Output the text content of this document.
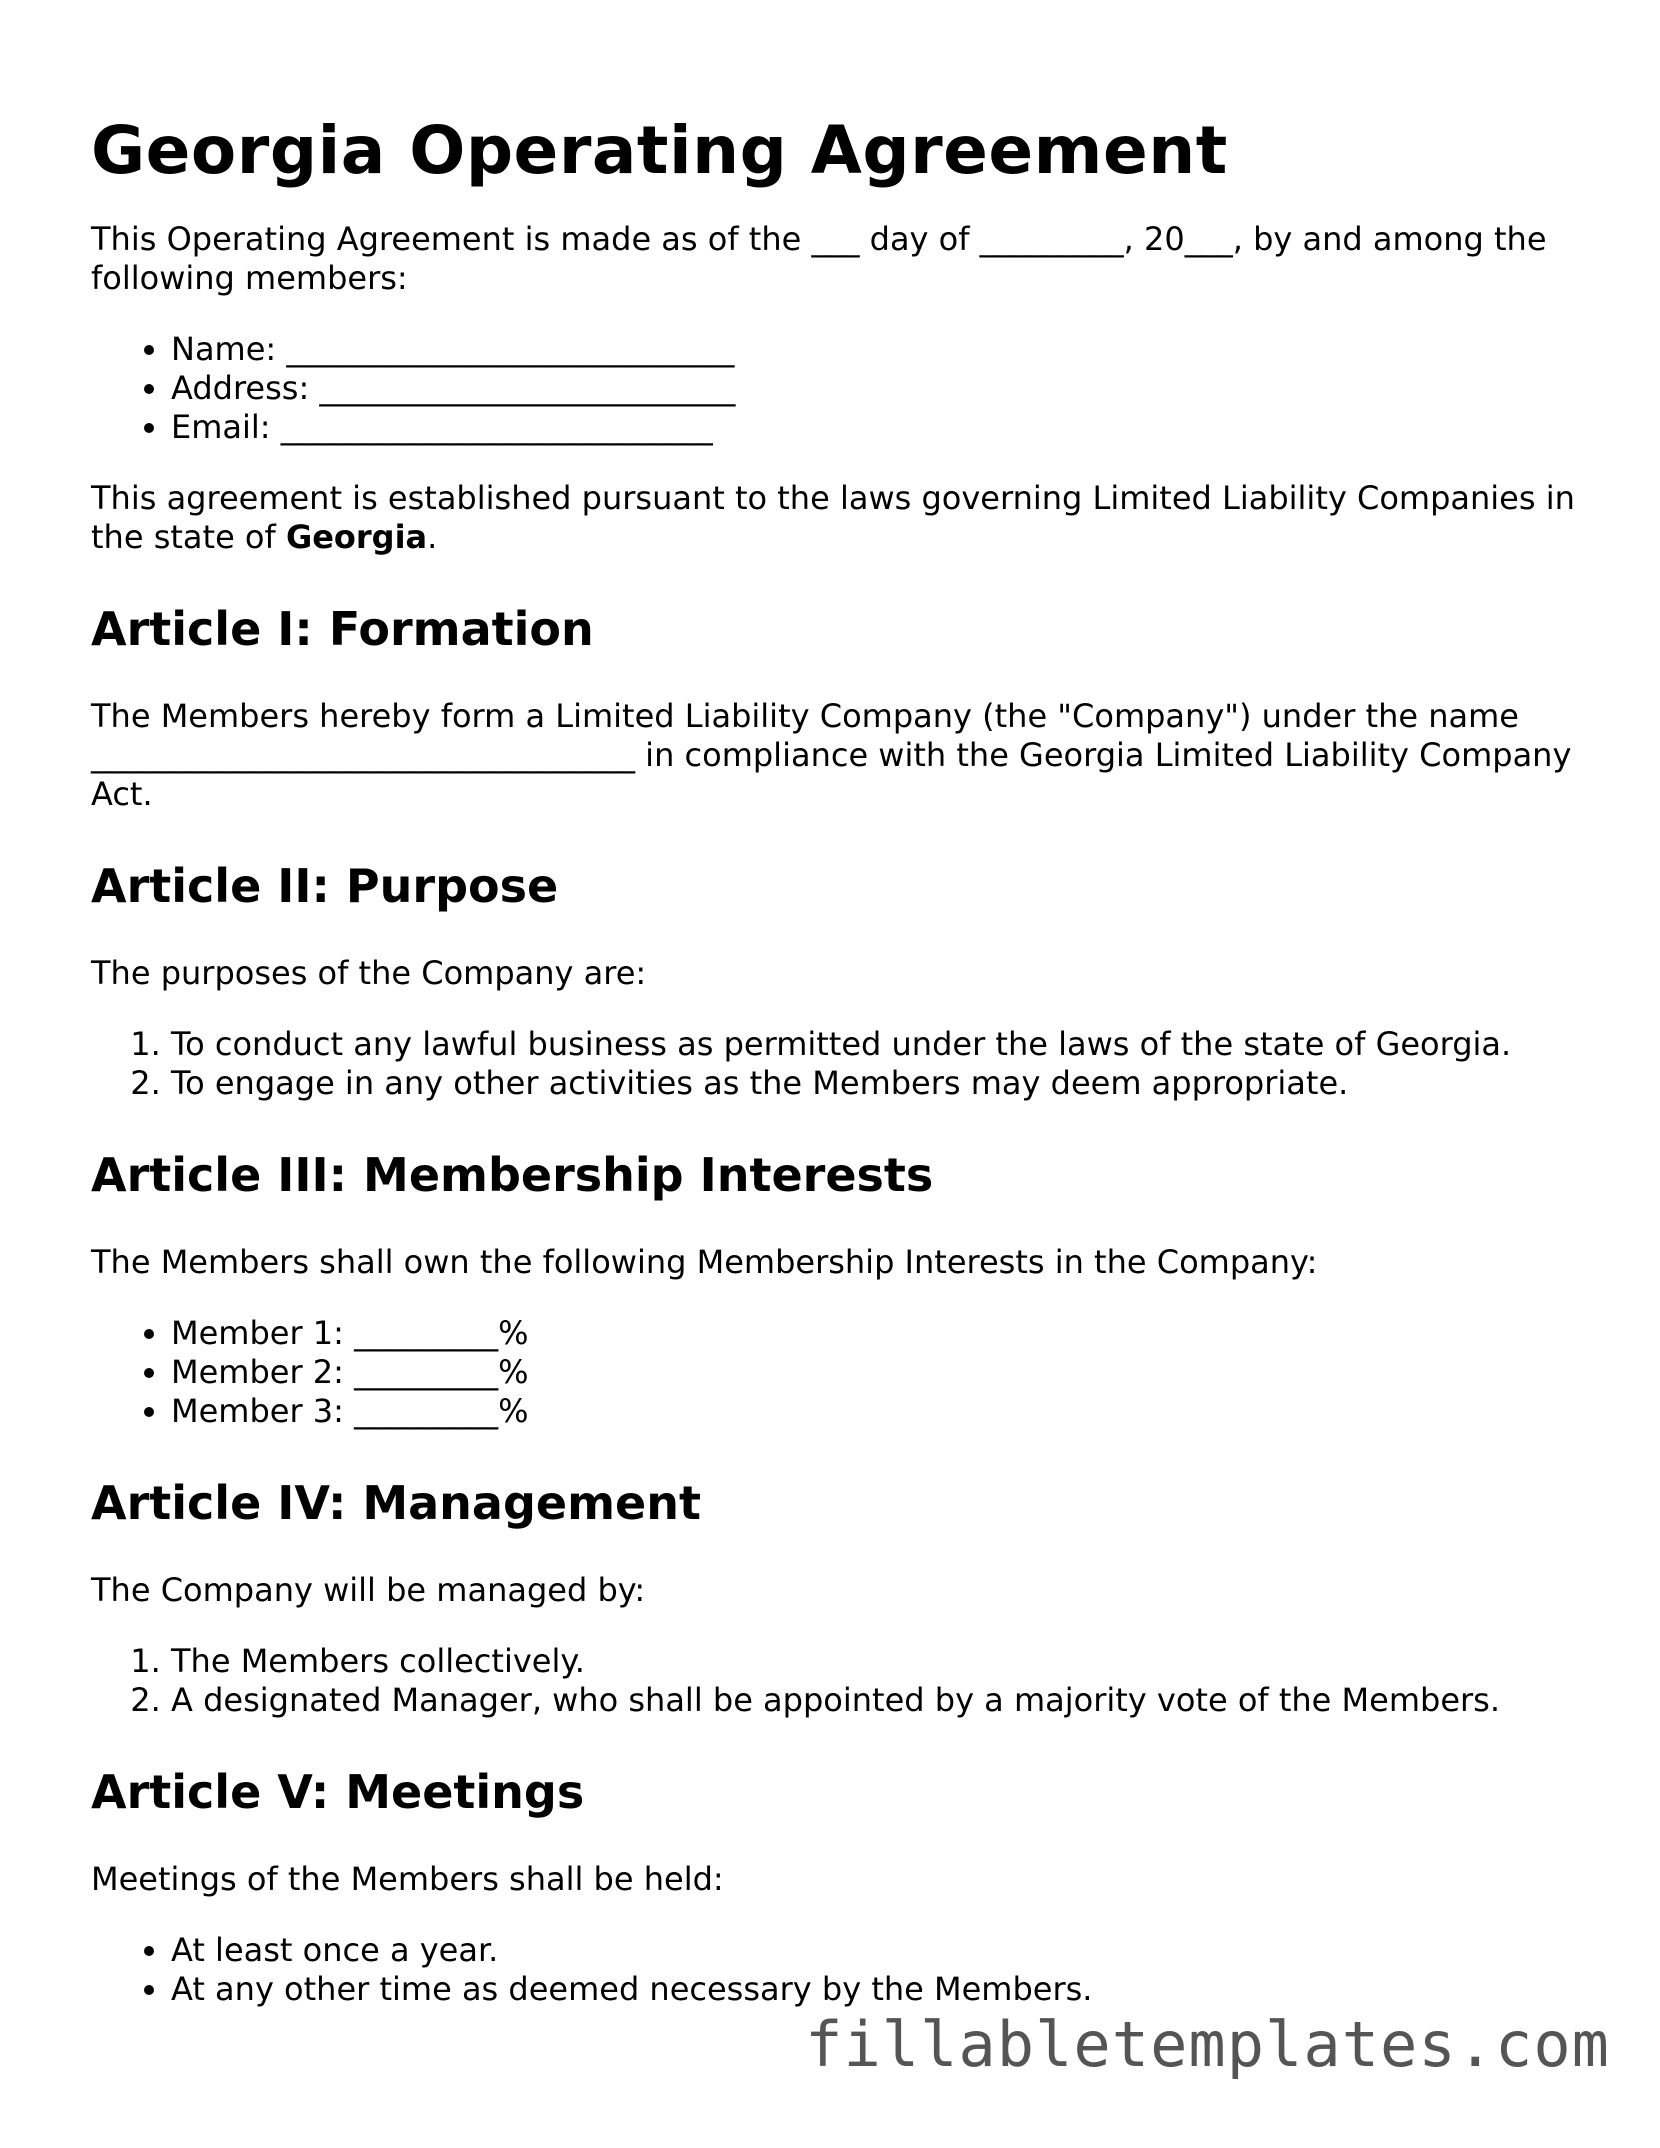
Georgia Operating Agreement

This Operating Agreement is made as of the ___ day of _________, 20___, by and among the following members:

• Name: ____________________________
• Address: __________________________
• Email: ___________________________

This agreement is established pursuant to the laws governing Limited Liability Companies in the state of Georgia.

Article I: Formation

The Members hereby form a Limited Liability Company (the "Company") under the name __________________________________ in compliance with the Georgia Limited Liability Company Act.

Article II: Purpose

The purposes of the Company are:

1. To conduct any lawful business as permitted under the laws of the state of Georgia.
2. To engage in any other activities as the Members may deem appropriate.
Article III: Membership Interests

The Members shall own the following Membership Interests in the Company:

• Member 1: _________%
• Member 2: _________%
• Member 3: _________%
Article IV: Management

The Company will be managed by:

1. The Members collectively.
2. A designated Manager, who shall be appointed by a majority vote of the Members.
Article V: Meetings

Meetings of the Members shall be held:

• At least once a year.
• At any other time as deemed necessary by the Members.
fillabletemplates.com
